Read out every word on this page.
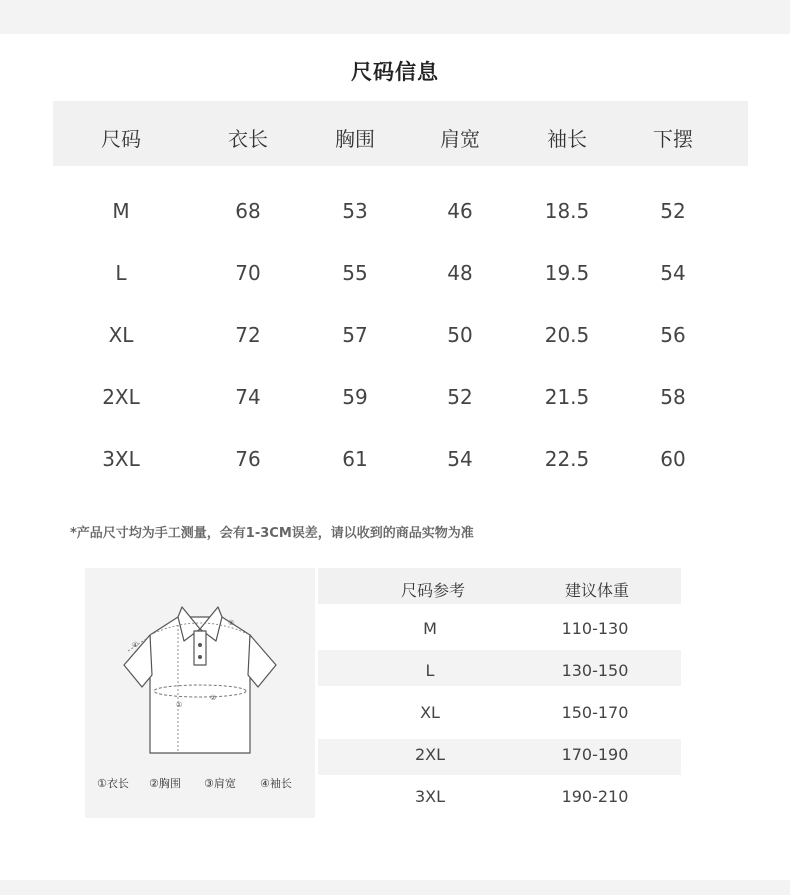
尺码信息
尺码	衣长	胸围	肩宽	袖长	下摆
M	68	53	46	18.5	52
L	70	55	48	19.5	54
XL	72	57	50	20.5	56
2XL	74	59	52	21.5	58
3XL	76	61	54	22.5	60
*产品尺寸均为手工测量，会有1-3CM误差，请以收到的商品实物为准
①
②
③
④
①衣长 ②胸围 ③肩宽 ④袖长
尺码参考	建议体重
M	110-130
L	130-150
XL	150-170
2XL	170-190
3XL	190-210
